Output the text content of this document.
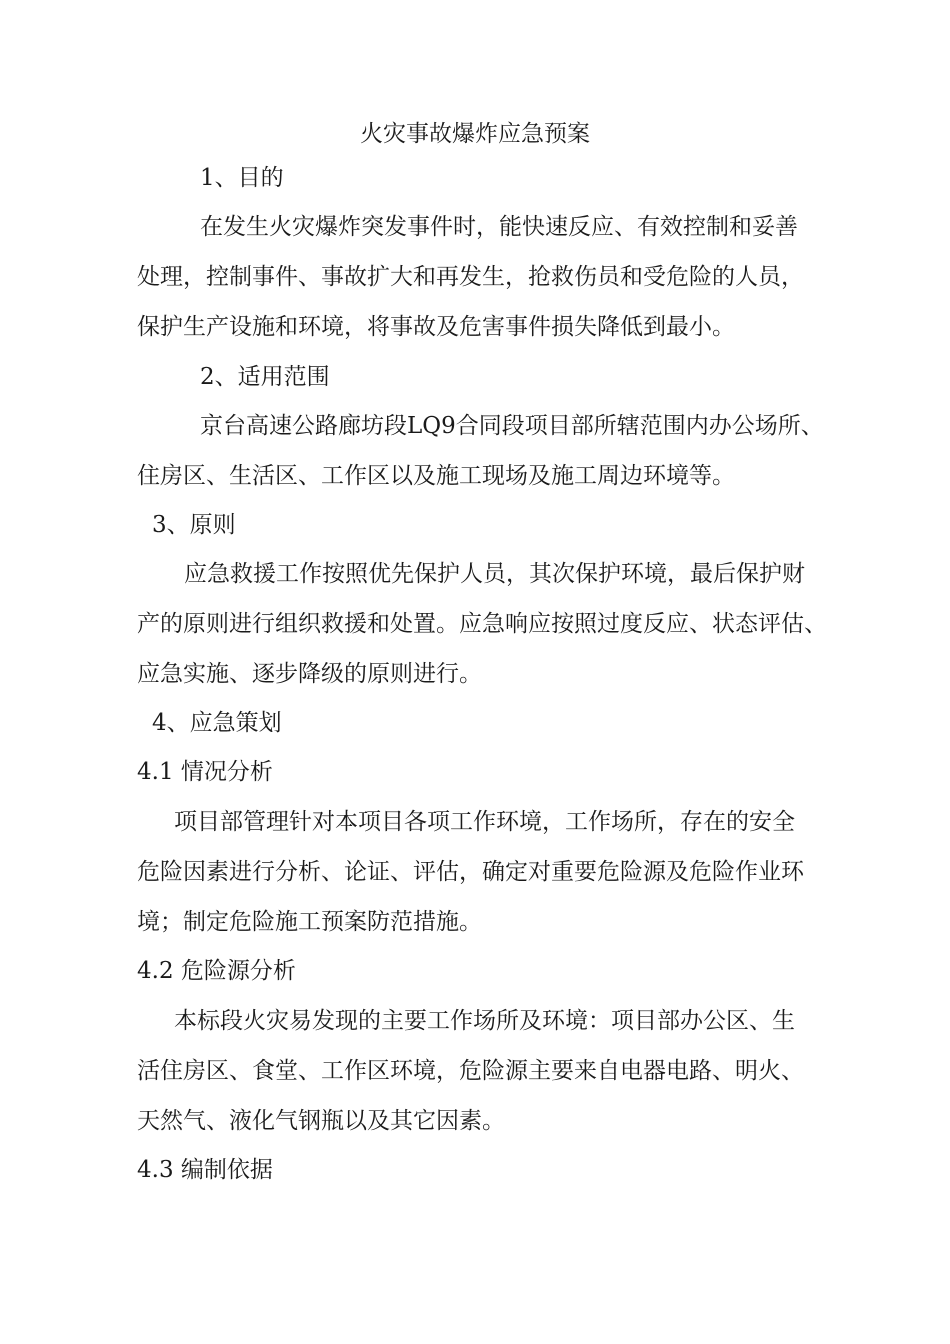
火灾事故爆炸应急预案
1、目的
在发生火灾爆炸突发事件时，能快速反应、有效控制和妥善
处理，控制事件、事故扩大和再发生，抢救伤员和受危险的人员，
保护生产设施和环境，将事故及危害事件损失降低到最小。
2、适用范围
京台高速公路廊坊段LQ9合同段项目部所辖范围内办公场所、
住房区、生活区、工作区以及施工现场及施工周边环境等。
3、原则
应急救援工作按照优先保护人员，其次保护环境，最后保护财
产的原则进行组织救援和处置。应急响应按照过度反应、状态评估、
应急实施、逐步降级的原则进行。
4、应急策划
4.1 情况分析
项目部管理针对本项目各项工作环境，工作场所，存在的安全
危险因素进行分析、论证、评估，确定对重要危险源及危险作业环
境；制定危险施工预案防范措施。
4.2 危险源分析
本标段火灾易发现的主要工作场所及环境：项目部办公区、生
活住房区、食堂、工作区环境，危险源主要来自电器电路、明火、
天然气、液化气钢瓶以及其它因素。
4.3 编制依据
